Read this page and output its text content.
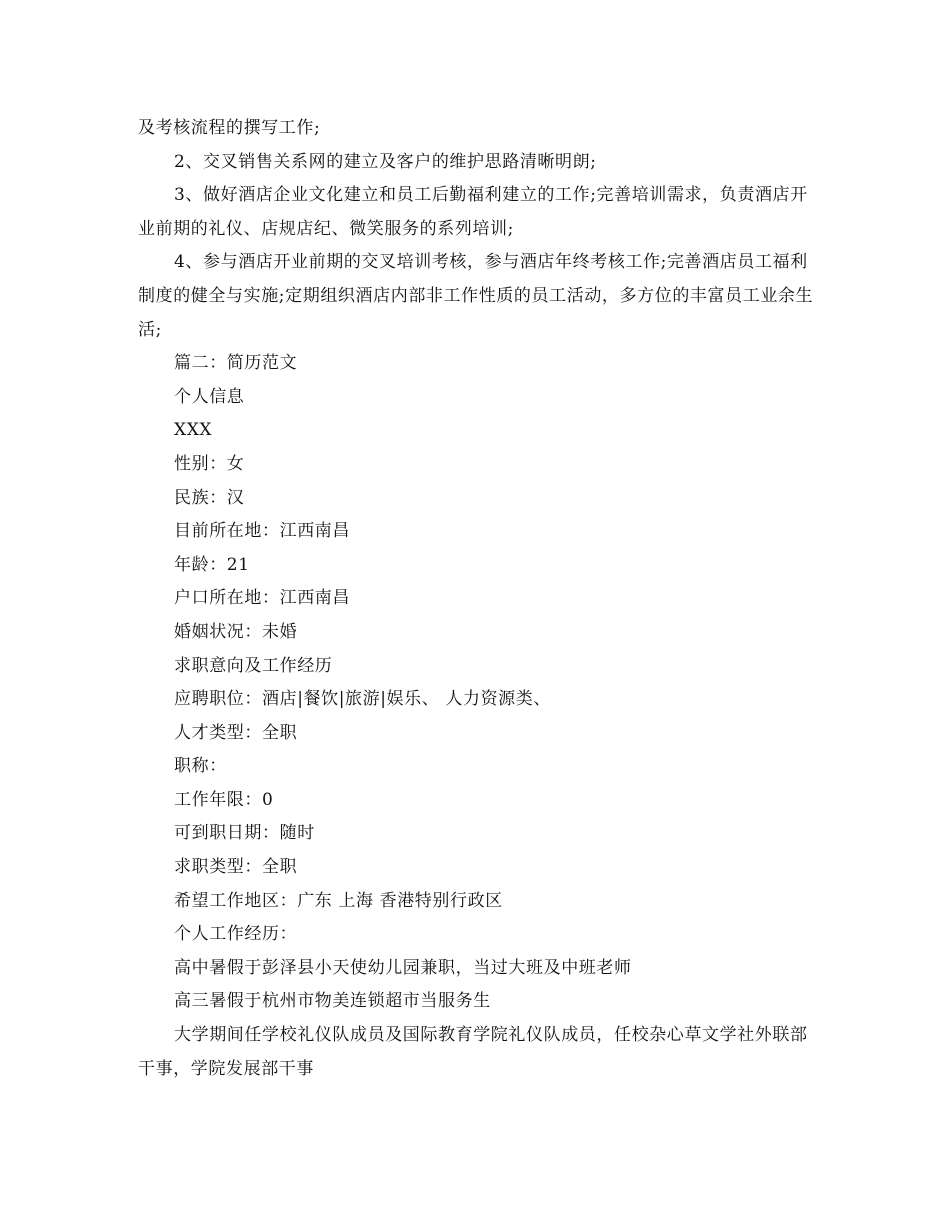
及考核流程的撰写工作;

2、交叉销售关系网的建立及客户的维护思路清晰明朗;

3、做好酒店企业文化建立和员工后勤福利建立的工作;完善培训需求，负责酒店开业前期的礼仪、店规店纪、微笑服务的系列培训;

4、参与酒店开业前期的交叉培训考核，参与酒店年终考核工作;完善酒店员工福利制度的健全与实施;定期组织酒店内部非工作性质的员工活动，多方位的丰富员工业余生活;

篇二：简历范文

个人信息

XXX

性别：女

民族：汉

目前所在地：江西南昌

年龄：21

户口所在地：江西南昌

婚姻状况：未婚

求职意向及工作经历

应聘职位：酒店|餐饮|旅游|娱乐、 人力资源类、

人才类型：全职

职称：

工作年限：0

可到职日期：随时

求职类型：全职

希望工作地区：广东 上海 香港特别行政区

个人工作经历：

高中暑假于彭泽县小天使幼儿园兼职，当过大班及中班老师

高三暑假于杭州市物美连锁超市当服务生

大学期间任学校礼仪队成员及国际教育学院礼仪队成员，任校杂心草文学社外联部干事，学院发展部干事
